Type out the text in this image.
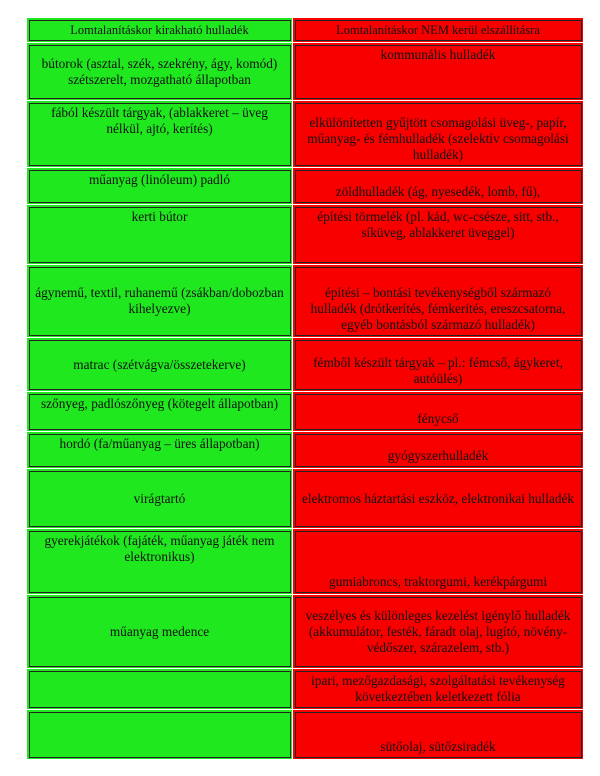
Lomtalanításkor kirakható hulladék	Lomtalanításkor NEM kerül elszállításra
bútorok (asztal, szék, szekrény, ágy, komód) szétszerelt, mozgatható állapotban	kommunális hulladék
fából készült tárgyak, (ablakkeret – üveg nélkül, ajtó, kerítés)	elkülönítetten gyűjtött csomagolási üveg-, papír, műanyag- és fémhulladék (szelektív csomagolási hulladék)
műanyag (linóleum) padló	zöldhulladék (ág, nyesedék, lomb, fű),
kerti bútor	építési törmelék (pl. kád, wc-csésze, sitt, stb., síküveg, ablakkeret üveggel)
ágynemű, textil, ruhanemű (zsákban/dobozban kihelyezve)	építési – bontási tevékenységből származó hulladék (drótkerítés, fémkerítés, ereszcsatorna, egyéb bontásból származó hulladék)
matrac (szétvágva/összetekerve)	fémből készült tárgyak – pl.: fémcső, ágykeret, autóülés)
szőnyeg, padlószőnyeg (kötegelt állapotban)	fénycső
hordó (fa/műanyag – üres állapotban)	gyógyszerhulladék
virágtartó	elektromos háztartási eszköz, elektronikai hulladék
gyerekjátékok (fajáték, műanyag játék nem elektronikus)	gumiabroncs, traktorgumi, kerékpárgumi
műanyag medence	veszélyes és különleges kezelést igénylő hulladék (akkumulátor, festék, fáradt olaj, lugító, növény-védőszer, szárazelem, stb.)
	ipari, mezőgazdasági, szolgáltatási tevékenység következtében keletkezett fólia
	sütőolaj, sütőzsiradék
